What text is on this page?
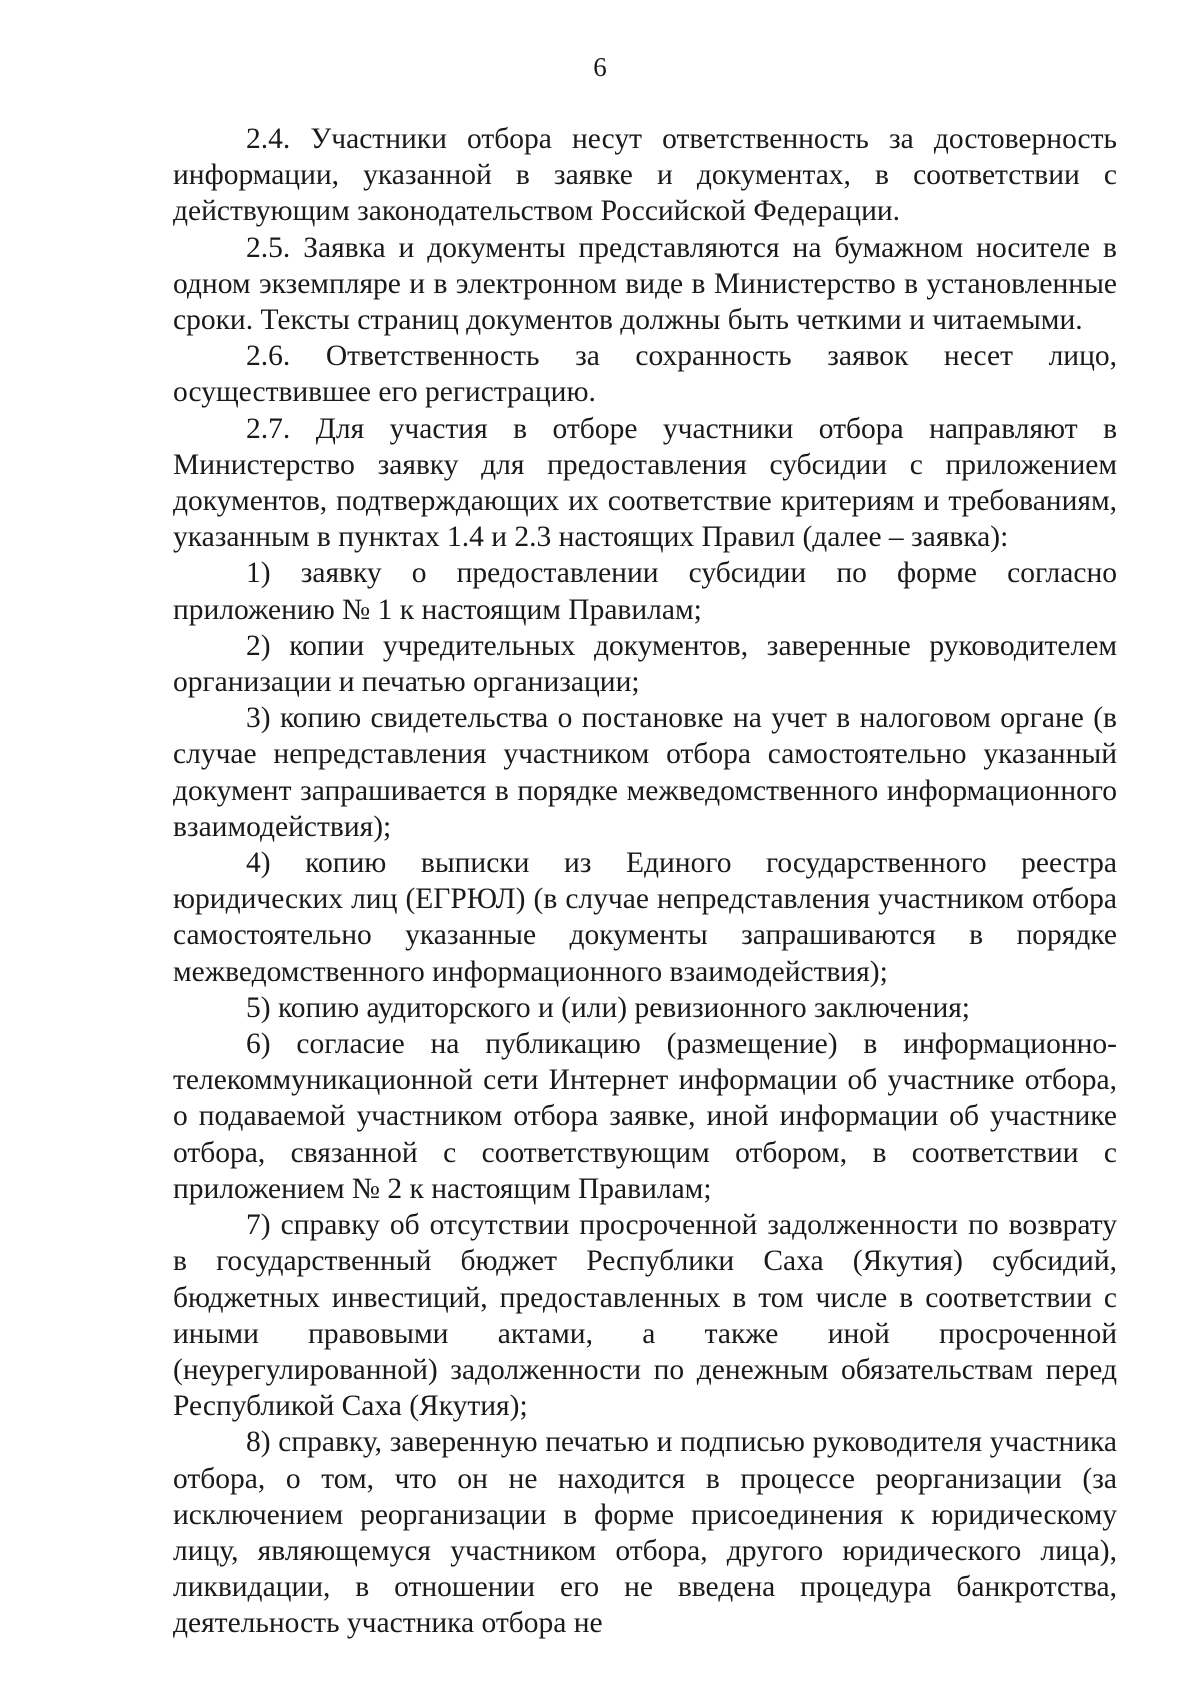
6

2.4. Участники отбора несут ответственность за достоверность информации, указанной в заявке и документах, в соответствии с действующим законодательством Российской Федерации.

2.5. Заявка и документы представляются на бумажном носителе в одном экземпляре и в электронном виде в Министерство в установленные сроки. Тексты страниц документов должны быть четкими и читаемыми.

2.6. Ответственность за сохранность заявок несет лицо, осуществившее его регистрацию.

2.7. Для участия в отборе участники отбора направляют в Министерство заявку для предоставления субсидии с приложением документов, подтверждающих их соответствие критериям и требованиям, указанным в пунктах 1.4 и 2.3 настоящих Правил (далее – заявка):

1) заявку о предоставлении субсидии по форме согласно приложению № 1 к настоящим Правилам;

2) копии учредительных документов, заверенные руководителем организации и печатью организации;

3) копию свидетельства о постановке на учет в налоговом органе (в случае непредставления участником отбора самостоятельно указанный документ запрашивается в порядке межведомственного информационного взаимодействия);

4) копию выписки из Единого государственного реестра юридических лиц (ЕГРЮЛ) (в случае непредставления участником отбора самостоятельно указанные документы запрашиваются в порядке межведомственного информационного взаимодействия);

5) копию аудиторского и (или) ревизионного заключения;

6) согласие на публикацию (размещение) в информационно-телекоммуникационной сети Интернет информации об участнике отбора, о подаваемой участником отбора заявке, иной информации об участнике отбора, связанной с соответствующим отбором, в соответствии с приложением № 2 к настоящим Правилам;

7) справку об отсутствии просроченной задолженности по возврату в государственный бюджет Республики Саха (Якутия) субсидий, бюджетных инвестиций, предоставленных в том числе в соответствии с иными правовыми актами, а также иной просроченной (неурегулированной) задолженности по денежным обязательствам перед Республикой Саха (Якутия);

8) справку, заверенную печатью и подписью руководителя участника отбора, о том, что он не находится в процессе реорганизации (за исключением реорганизации в форме присоединения к юридическому лицу, являющемуся участником отбора, другого юридического лица), ликвидации, в отношении его не введена процедура банкротства, деятельность участника отбора не
